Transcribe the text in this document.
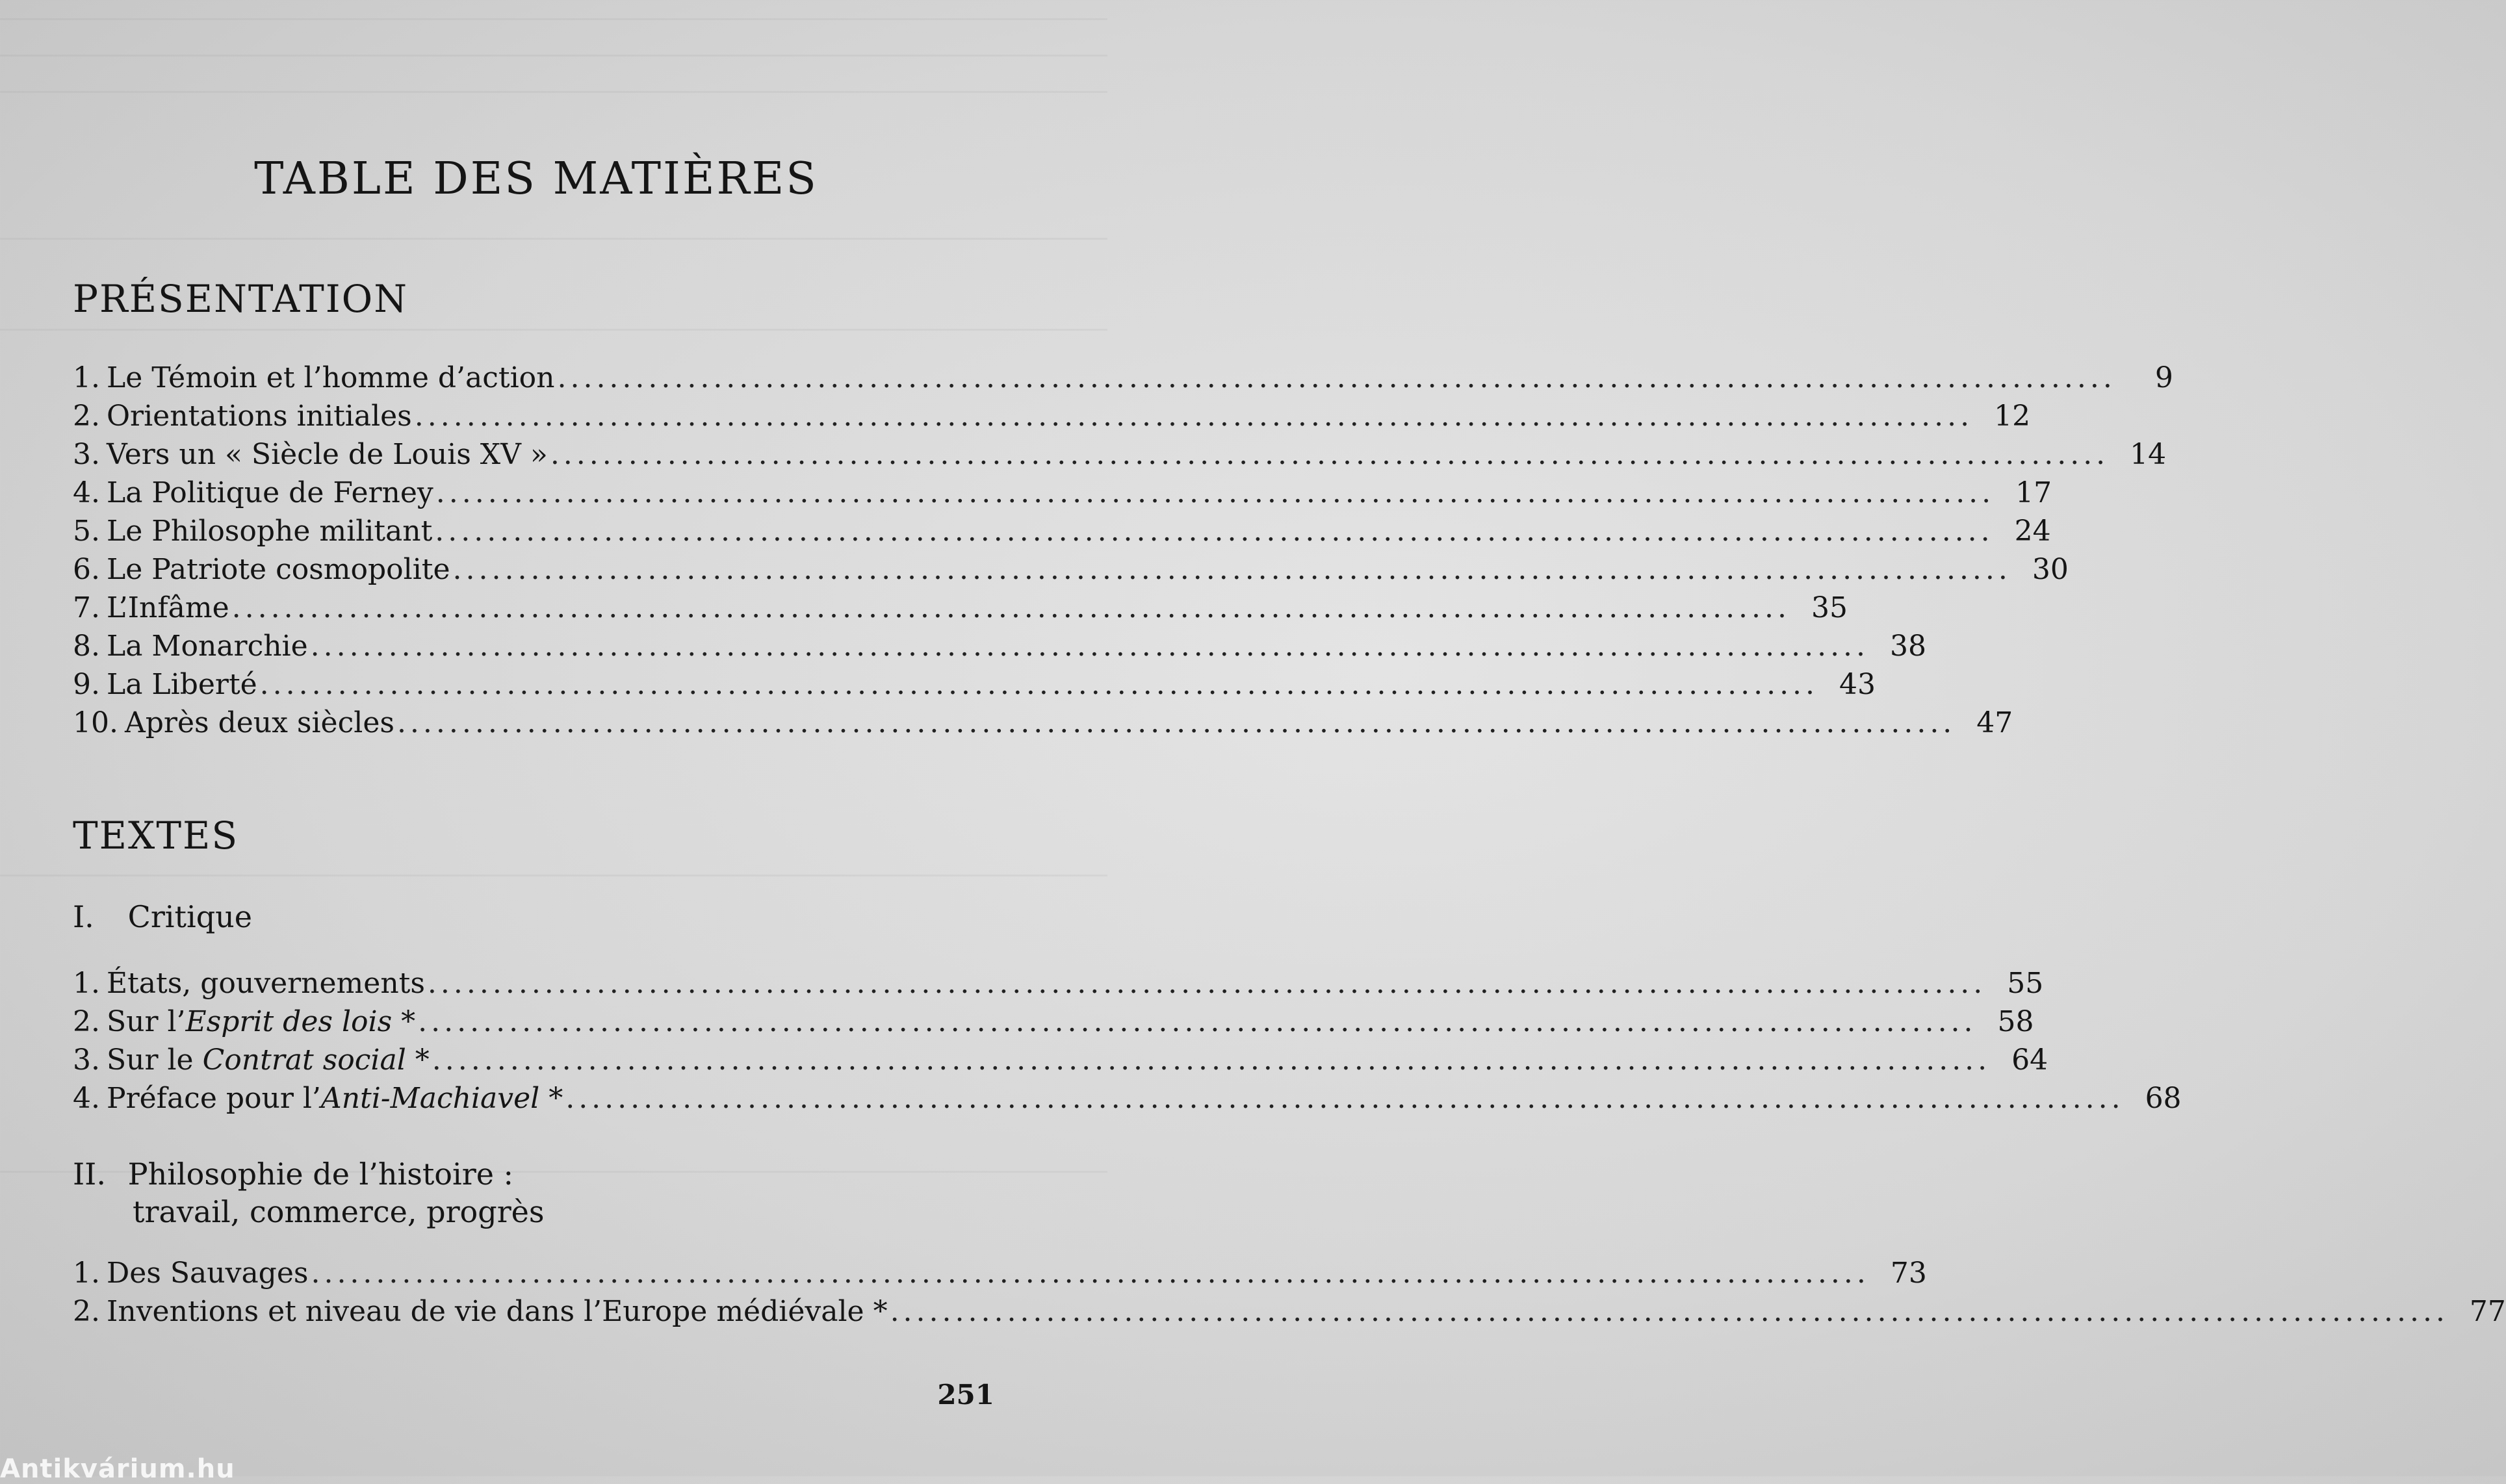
TABLE DES MATIÈRES
PRÉSENTATION
1. Le Témoin et l’homme d’action ........................................................................................................................	9
2. Orientations initiales ........................................................................................................................ 12
3. Vers un « Siècle de Louis XV » ........................................................................................................................ 14
4. La Politique de Ferney ........................................................................................................................ 17
5. Le Philosophe militant ........................................................................................................................ 24
6. Le Patriote cosmopolite ........................................................................................................................ 30
7. L’Infâme ........................................................................................................................ 35
8. La Monarchie ........................................................................................................................ 38
9. La Liberté ........................................................................................................................ 43
10. Après deux siècles ........................................................................................................................ 47
TEXTES
I. Critique
1. États, gouvernements ........................................................................................................................ 55
2. Sur l’Esprit des lois * ........................................................................................................................ 58
3. Sur le Contrat social * ........................................................................................................................ 64
4. Préface pour l’Anti-Machiavel * ........................................................................................................................ 68
II. Philosophie de l’histoire :
travail, commerce, progrès
1. Des Sauvages ........................................................................................................................ 73
2. Inventions et niveau de vie dans l’Europe médiévale * ........................................................................................................................ 77
251
Antikvárium.hu
